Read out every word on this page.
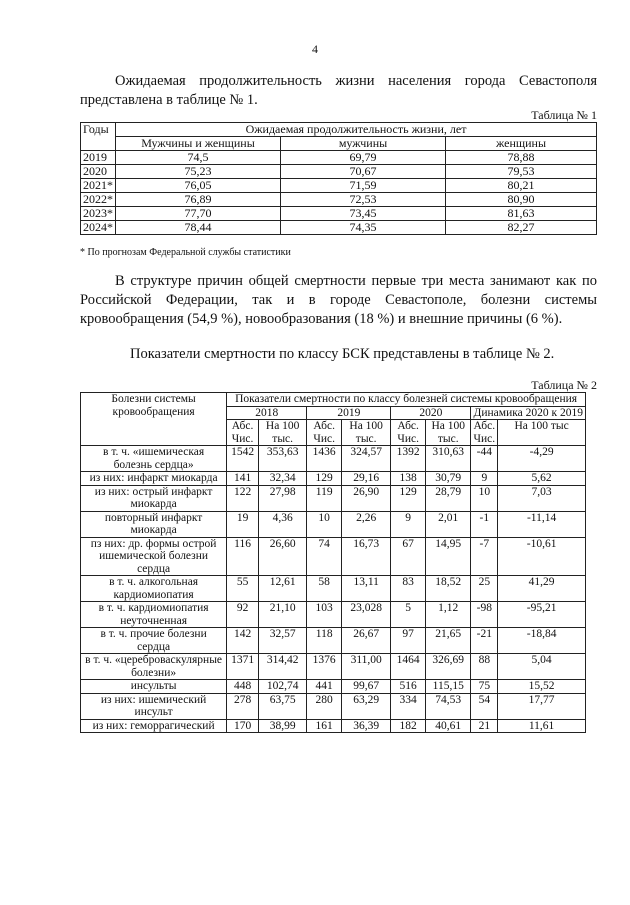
4
Ожидаемая продолжительность жизни населения города Севастополя представлена в таблице № 1.
Таблица № 1
Годы	Ожидаемая продолжительность жизни, лет		
	Мужчины и женщины	мужчины	женщины
2019	74,5	69,79	78,88
2020	75,23	70,67	79,53
2021*	76,05	71,59	80,21
2022*	76,89	72,53	80,90
2023*	77,70	73,45	81,63
2024*	78,44	74,35	82,27
* По прогнозам Федеральной службы статистики
В структуре причин общей смертности первые три места занимают как по Российской Федерации, так и в городе Севастополе, болезни системы кровообращения (54,9 %), новообразования (18 %) и внешние причины (6 %).
Показатели смертности по классу БСК представлены в таблице № 2.
Таблица № 2
Болезни системы кровообращения	Показатели смертности по классу болезней системы кровообращения							
	2018		2019		2020		Динамика 2020 к 2019	
	Абс. Чис.	На 100 тыс.	Абс. Чис.	На 100 тыс.	Абс. Чис.	На 100 тыс.	Абс. Чис.	На 100 тыс
в т. ч. «ишемическая болезнь сердца»	1542	353,63	1436	324,57	1392	310,63	-44	-4,29
из них: инфаркт миокарда	141	32,34	129	29,16	138	30,79	9	5,62
из них: острый инфаркт миокарда	122	27,98	119	26,90	129	28,79	10	7,03
повторный инфаркт миокарда	19	4,36	10	2,26	9	2,01	-1	-11,14
пз них: др. формы острой ишемической болезни сердца	116	26,60	74	16,73	67	14,95	-7	-10,61
в т. ч. алкогольная кардиомиопатия	55	12,61	58	13,11	83	18,52	25	41,29
в т. ч. кардиомиопатия неуточненная	92	21,10	103	23,028	5	1,12	-98	-95,21
в т. ч. прочие болезни сердца	142	32,57	118	26,67	97	21,65	-21	-18,84
в т. ч. «цереброваскулярные болезни»	1371	314,42	1376	311,00	1464	326,69	88	5,04
инсульты	448	102,74	441	99,67	516	115,15	75	15,52
из них: ишемический инсульт	278	63,75	280	63,29	334	74,53	54	17,77
из них: геморрагический	170	38,99	161	36,39	182	40,61	21	11,61
